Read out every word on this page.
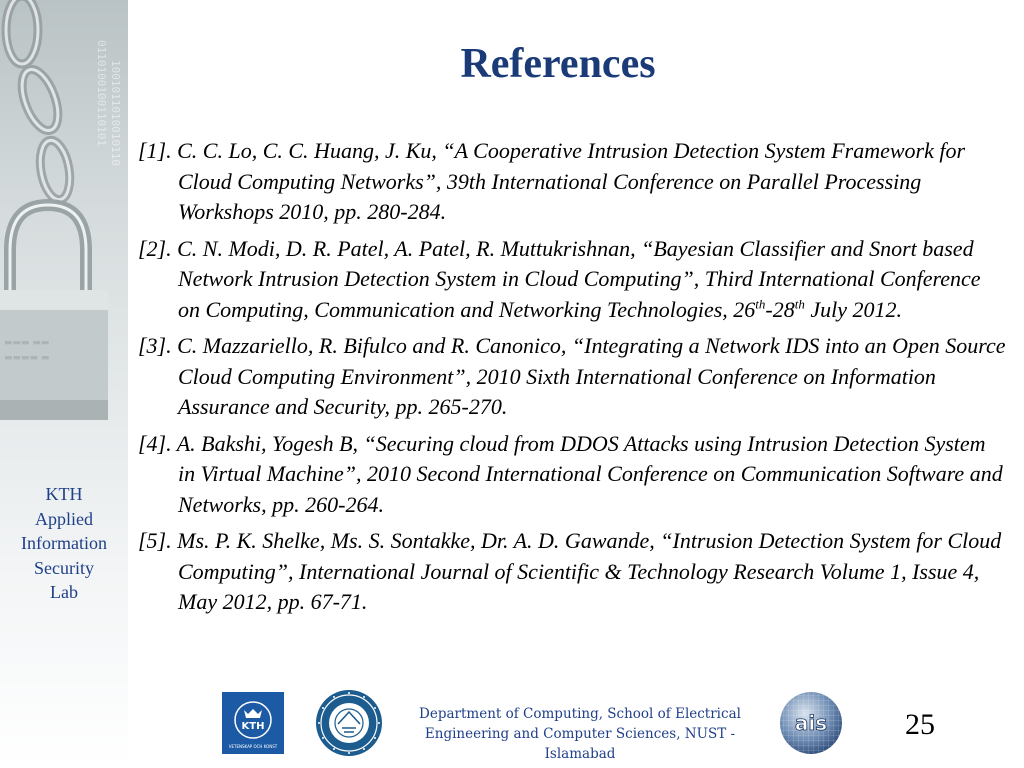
0110100100110101 1001011010010110
▬▬▬ ▬▬
▬▬▬▬ ▬
KTH
Applied
Information
Security
Lab
References
[1]. C. C. Lo, C. C. Huang, J. Ku, “A Cooperative Intrusion Detection System Framework for Cloud Computing Networks”, 39th International Conference on Parallel Processing Workshops 2010, pp. 280-284.
[2]. C. N. Modi, D. R. Patel, A. Patel, R. Muttukrishnan, “Bayesian Classifier and Snort based Network Intrusion Detection System in Cloud Computing”, Third International Conference on Computing, Communication and Networking Technologies, 26th-28th July 2012.
[3]. C. Mazzariello, R. Bifulco and R. Canonico, “Integrating a Network IDS into an Open Source Cloud Computing Environment”, 2010 Sixth International Conference on Information Assurance and Security, pp. 265-270.
[4]. A. Bakshi, Yogesh B, “Securing cloud from DDOS Attacks using Intrusion Detection System in Virtual Machine”, 2010 Second International Conference on Communication Software and Networks, pp. 260-264.
[5]. Ms. P. K. Shelke, Ms. S. Sontakke, Dr. A. D. Gawande, “Intrusion Detection System for Cloud Computing”, International Journal of Scientific & Technology Research Volume 1, Issue 4, May 2012, pp. 67-71.
KTH
VETENSKAP OCH KONST
ais
Department of Computing, School of Electrical
Engineering and Computer Sciences, NUST -
Islamabad
25
